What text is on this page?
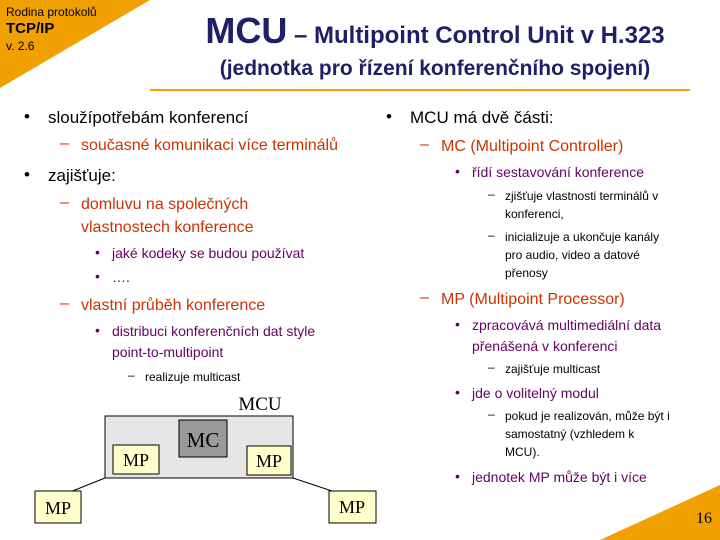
Rodina protokolů
TCP/IP
v. 2.6	MCU – Multipoint Control Unit v H.323
(jednotka pro řízení konferenčního spojení)
• sloužípotřebám konferencí
– současné komunikaci více terminálů
• zajišťuje:
– domluvu na společných
vlastnostech konference
• jaké kodeky se budou používat
• ….
– vlastní průběh konference
• distribuci konferenčních dat style
point-to-multipoint
– realizuje multicast
MCU
MC
MP	MP
MP	MP
• MCU má dvě části:
– MC (Multipoint Controller)
• řídí sestavování konference
– zjišťuje vlastnosti terminálů v
konferenci,
– inicializuje a ukončuje kanály
pro audio, video a datové
přenosy
– MP (Multipoint Processor)
• zpracovává multimediální data
přenášená v konferenci
– zajišťuje multicast
• jde o volitelný modul
– pokud je realizován, může být i
samostatný (vzhledem k
MCU).
• jednotek MP může být i více
16
